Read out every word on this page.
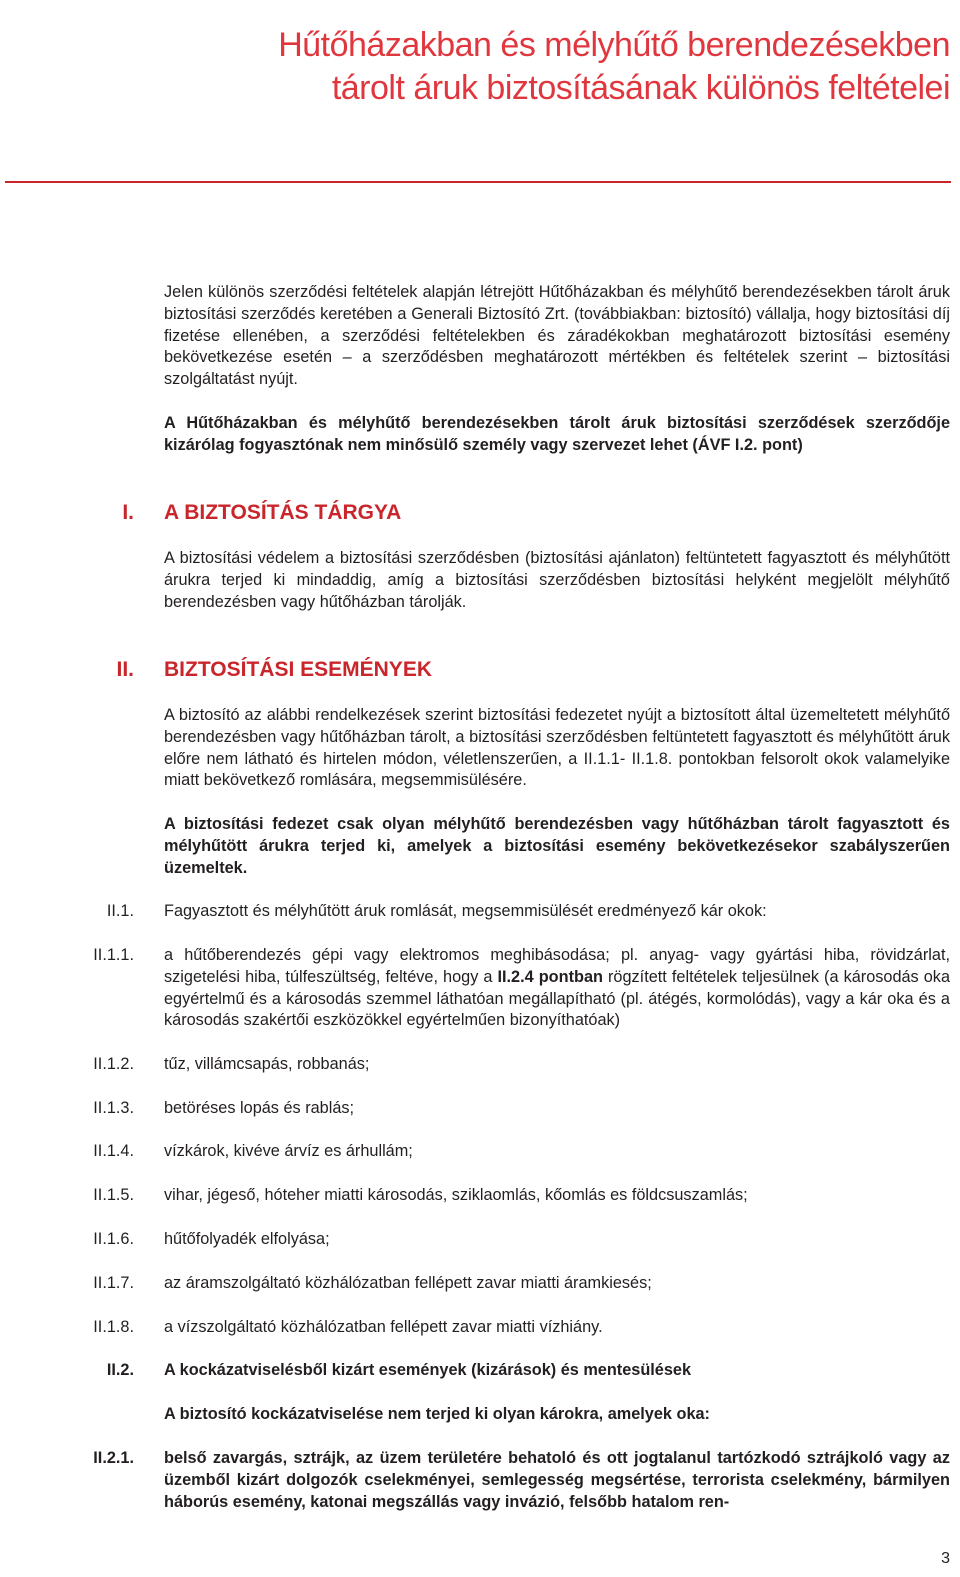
Hűtőházakban és mélyhűtő berendezésekben
tárolt áruk biztosításának különös feltételei
Jelen különös szerződési feltételek alapján létrejött Hűtőházakban és mélyhűtő berendezésekben tárolt áruk biztosítási szerződés keretében a Generali Biztosító Zrt. (továbbiakban: biztosító) vállalja, hogy biztosítási díj fizetése ellenében, a szerződési feltételekben és záradékokban meghatározott biztosítási esemény bekövetkezése esetén – a szerződésben meghatározott mértékben és feltételek szerint – biztosítási szolgáltatást nyújt.
A Hűtőházakban és mélyhűtő berendezésekben tárolt áruk biztosítási szerződések szerződője kizárólag fogyasztónak nem minősülő személy vagy szervezet lehet (ÁVF I.2. pont)
I. A BIZTOSÍTÁS TÁRGYA
A biztosítási védelem a biztosítási szerződésben (biztosítási ajánlaton) feltüntetett fagyasztott és mélyhűtött árukra terjed ki mindaddig, amíg a biztosítási szerződésben biztosítási helyként megjelölt mélyhűtő berendezésben vagy hűtőházban tárolják.
II. BIZTOSÍTÁSI ESEMÉNYEK
A biztosító az alábbi rendelkezések szerint biztosítási fedezetet nyújt a biztosított által üzemeltetett mélyhűtő berendezésben vagy hűtőházban tárolt, a biztosítási szerződésben feltüntetett fagyasztott és mélyhűtött áruk előre nem látható és hirtelen módon, véletlenszerűen, a II.1.1- II.1.8. pontokban felsorolt okok valamelyike miatt bekövetkező romlására, megsemmisülésére.
A biztosítási fedezet csak olyan mélyhűtő berendezésben vagy hűtőházban tárolt fagyasztott és mélyhűtött árukra terjed ki, amelyek a biztosítási esemény bekövetkezésekor szabályszerűen üzemeltek.
II.1. Fagyasztott és mélyhűtött áruk romlását, megsemmisülését eredményező kár okok:
II.1.1. a hűtőberendezés gépi vagy elektromos meghibásodása; pl. anyag- vagy gyártási hiba, rövidzárlat, szigetelési hiba, túlfeszültség, feltéve, hogy a II.2.4 pontban rögzített feltételek teljesülnek (a károsodás oka egyértelmű és a károsodás szemmel láthatóan megállapítható (pl. átégés, kormolódás), vagy a kár oka és a károsodás szakértői eszközökkel egyértelműen bizonyíthatóak)
II.1.2. tűz, villámcsapás, robbanás;
II.1.3. betöréses lopás és rablás;
II.1.4. vízkárok, kivéve árvíz es árhullám;
II.1.5. vihar, jégeső, hóteher miatti károsodás, sziklaomlás, kőomlás es földcsuszamlás;
II.1.6. hűtőfolyadék elfolyása;
II.1.7. az áramszolgáltató közhálózatban fellépett zavar miatti áramkiesés;
II.1.8. a vízszolgáltató közhálózatban fellépett zavar miatti vízhiány.
II.2. A kockázatviselésből kizárt események (kizárások) és mentesülések
A biztosító kockázatviselése nem terjed ki olyan károkra, amelyek oka:
II.2.1. belső zavargás, sztrájk, az üzem területére behatoló és ott jogtalanul tartózkodó sztrájkoló vagy az üzemből kizárt dolgozók cselekményei, semlegesség megsértése, terrorista cselekmény, bármilyen háborús esemény, katonai megszállás vagy invázió, felsőbb hatalom ren-
3
